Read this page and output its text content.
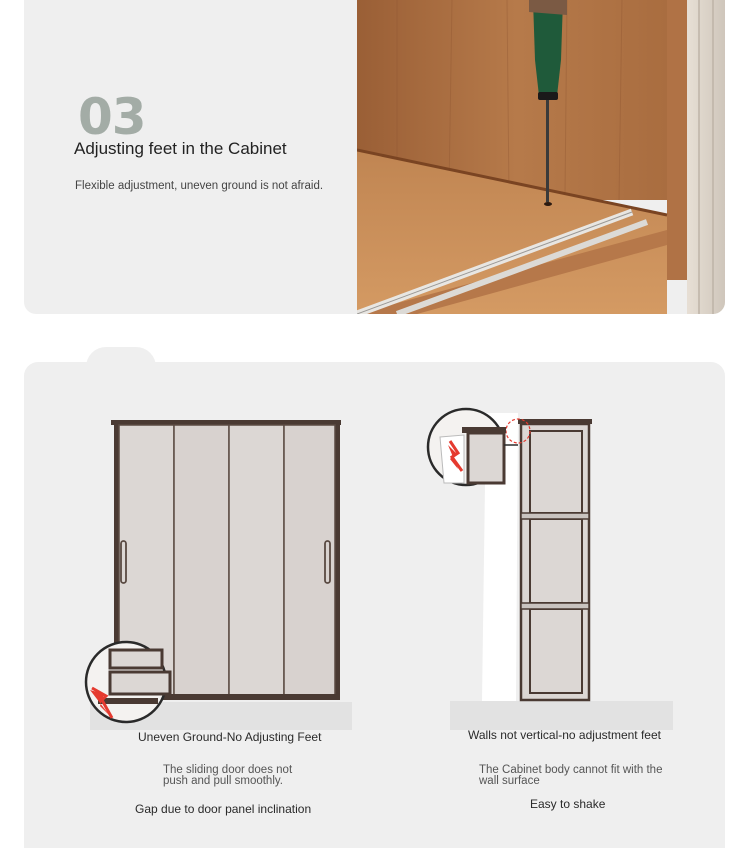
03
Adjusting feet in the Cabinet
Flexible adjustment, uneven ground is not afraid.
Uneven Ground-No Adjusting Feet
The sliding door does not push and pull smoothly.
Gap due to door panel inclination
Walls not vertical-no adjustment feet
The Cabinet body cannot fit with the wall surface
Easy to shake
